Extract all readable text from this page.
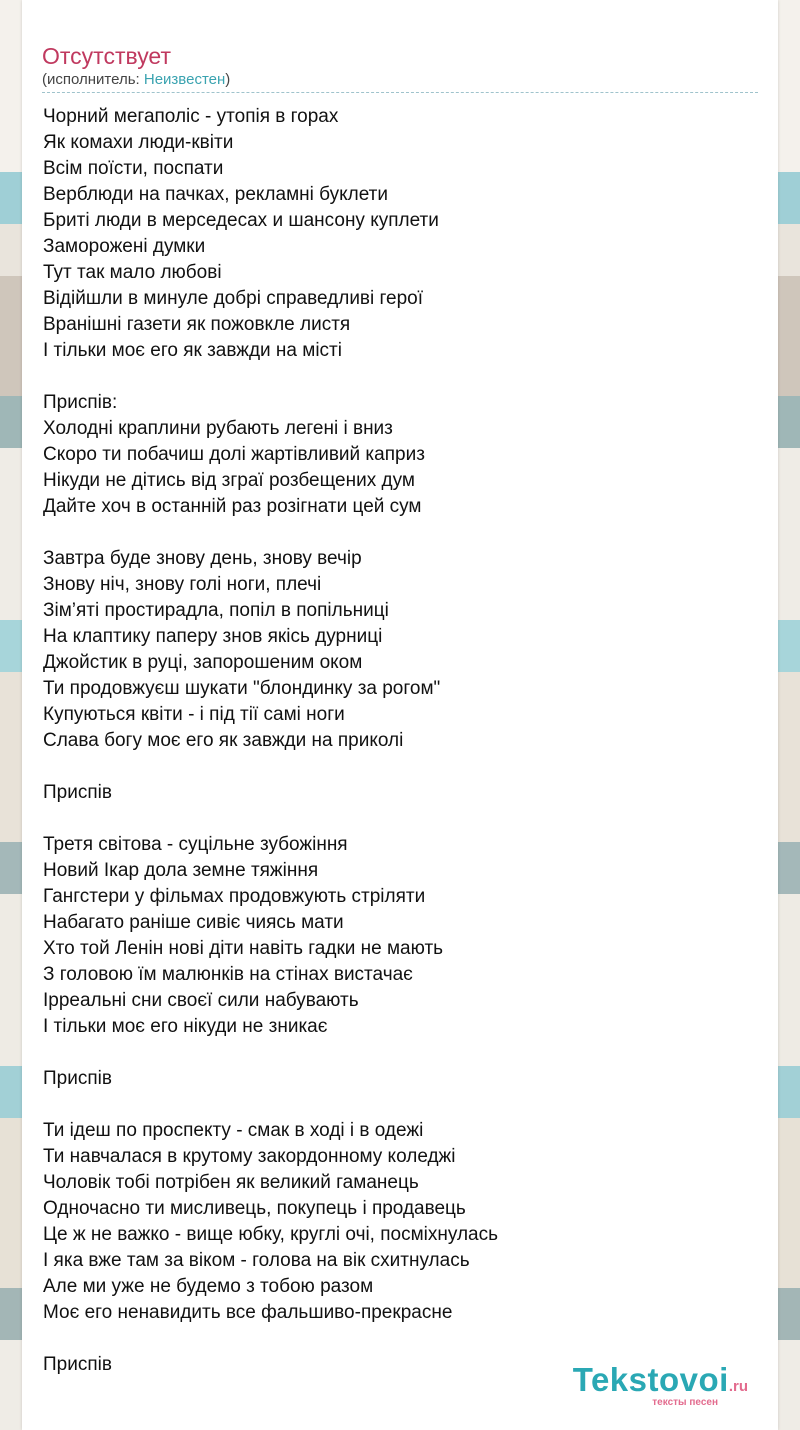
Отсутствует
(исполнитель: Неизвестен)
Чорний мегаполіс - утопія в горах
Як комахи люди-квіти
Всім поїсти, поспати
Верблюди на пачках, рекламні буклети
Бриті люди в мерседесах и шансону куплети
Заморожені думки
Тут так мало любові
Відійшли в минуле добрі справедливі герої
Вранішні газети як пожовкле листя
І тільки моє его як завжди на місті
Приспів:
Холодні краплини рубають легені і вниз
Скоро ти побачиш долі жартівливий каприз
Нікуди не дітись від зграї розбещених дум
Дайте хоч в останній раз розігнати цей сум
Завтра буде знову день, знову вечір
Знову ніч, знову голі ноги, плечі
Зім’яті простирадла, попіл в попільниці
На клаптику паперу знов якісь дурниці
Джойстик в руці, запорошеним оком
Ти продовжуєш шукати "блондинку за рогом"
Купуються квіти - і під тії самі ноги
Слава богу моє его як завжди на приколі
Приспів
Третя світова - суцільне зубожіння
Новий Ікар дола земне тяжіння
Гангстери у фільмах продовжують стріляти
Набагато раніше сивіє чиясь мати
Хто той Ленін нові діти навіть гадки не мають
З головою їм малюнків на стінах вистачає
Ірреальні сни своєї сили набувають
І тільки моє его нікуди не зникає
Приспів
Ти ідеш по проспекту - смак в ході і в одежі
Ти навчалася в крутому закордонному коледжі
Чоловік тобі потрібен як великий гаманець
Одночасно ти мисливець, покупець і продавець
Це ж не важко - вище юбку, круглі очі, посміхнулась
І яка вже там за віком - голова на вік схитнулась
Але ми уже не будемо з тобою разом
Моє его ненавидить все фальшиво-прекрасне
Приспів	Tekstovoi.ru
тексты песен
